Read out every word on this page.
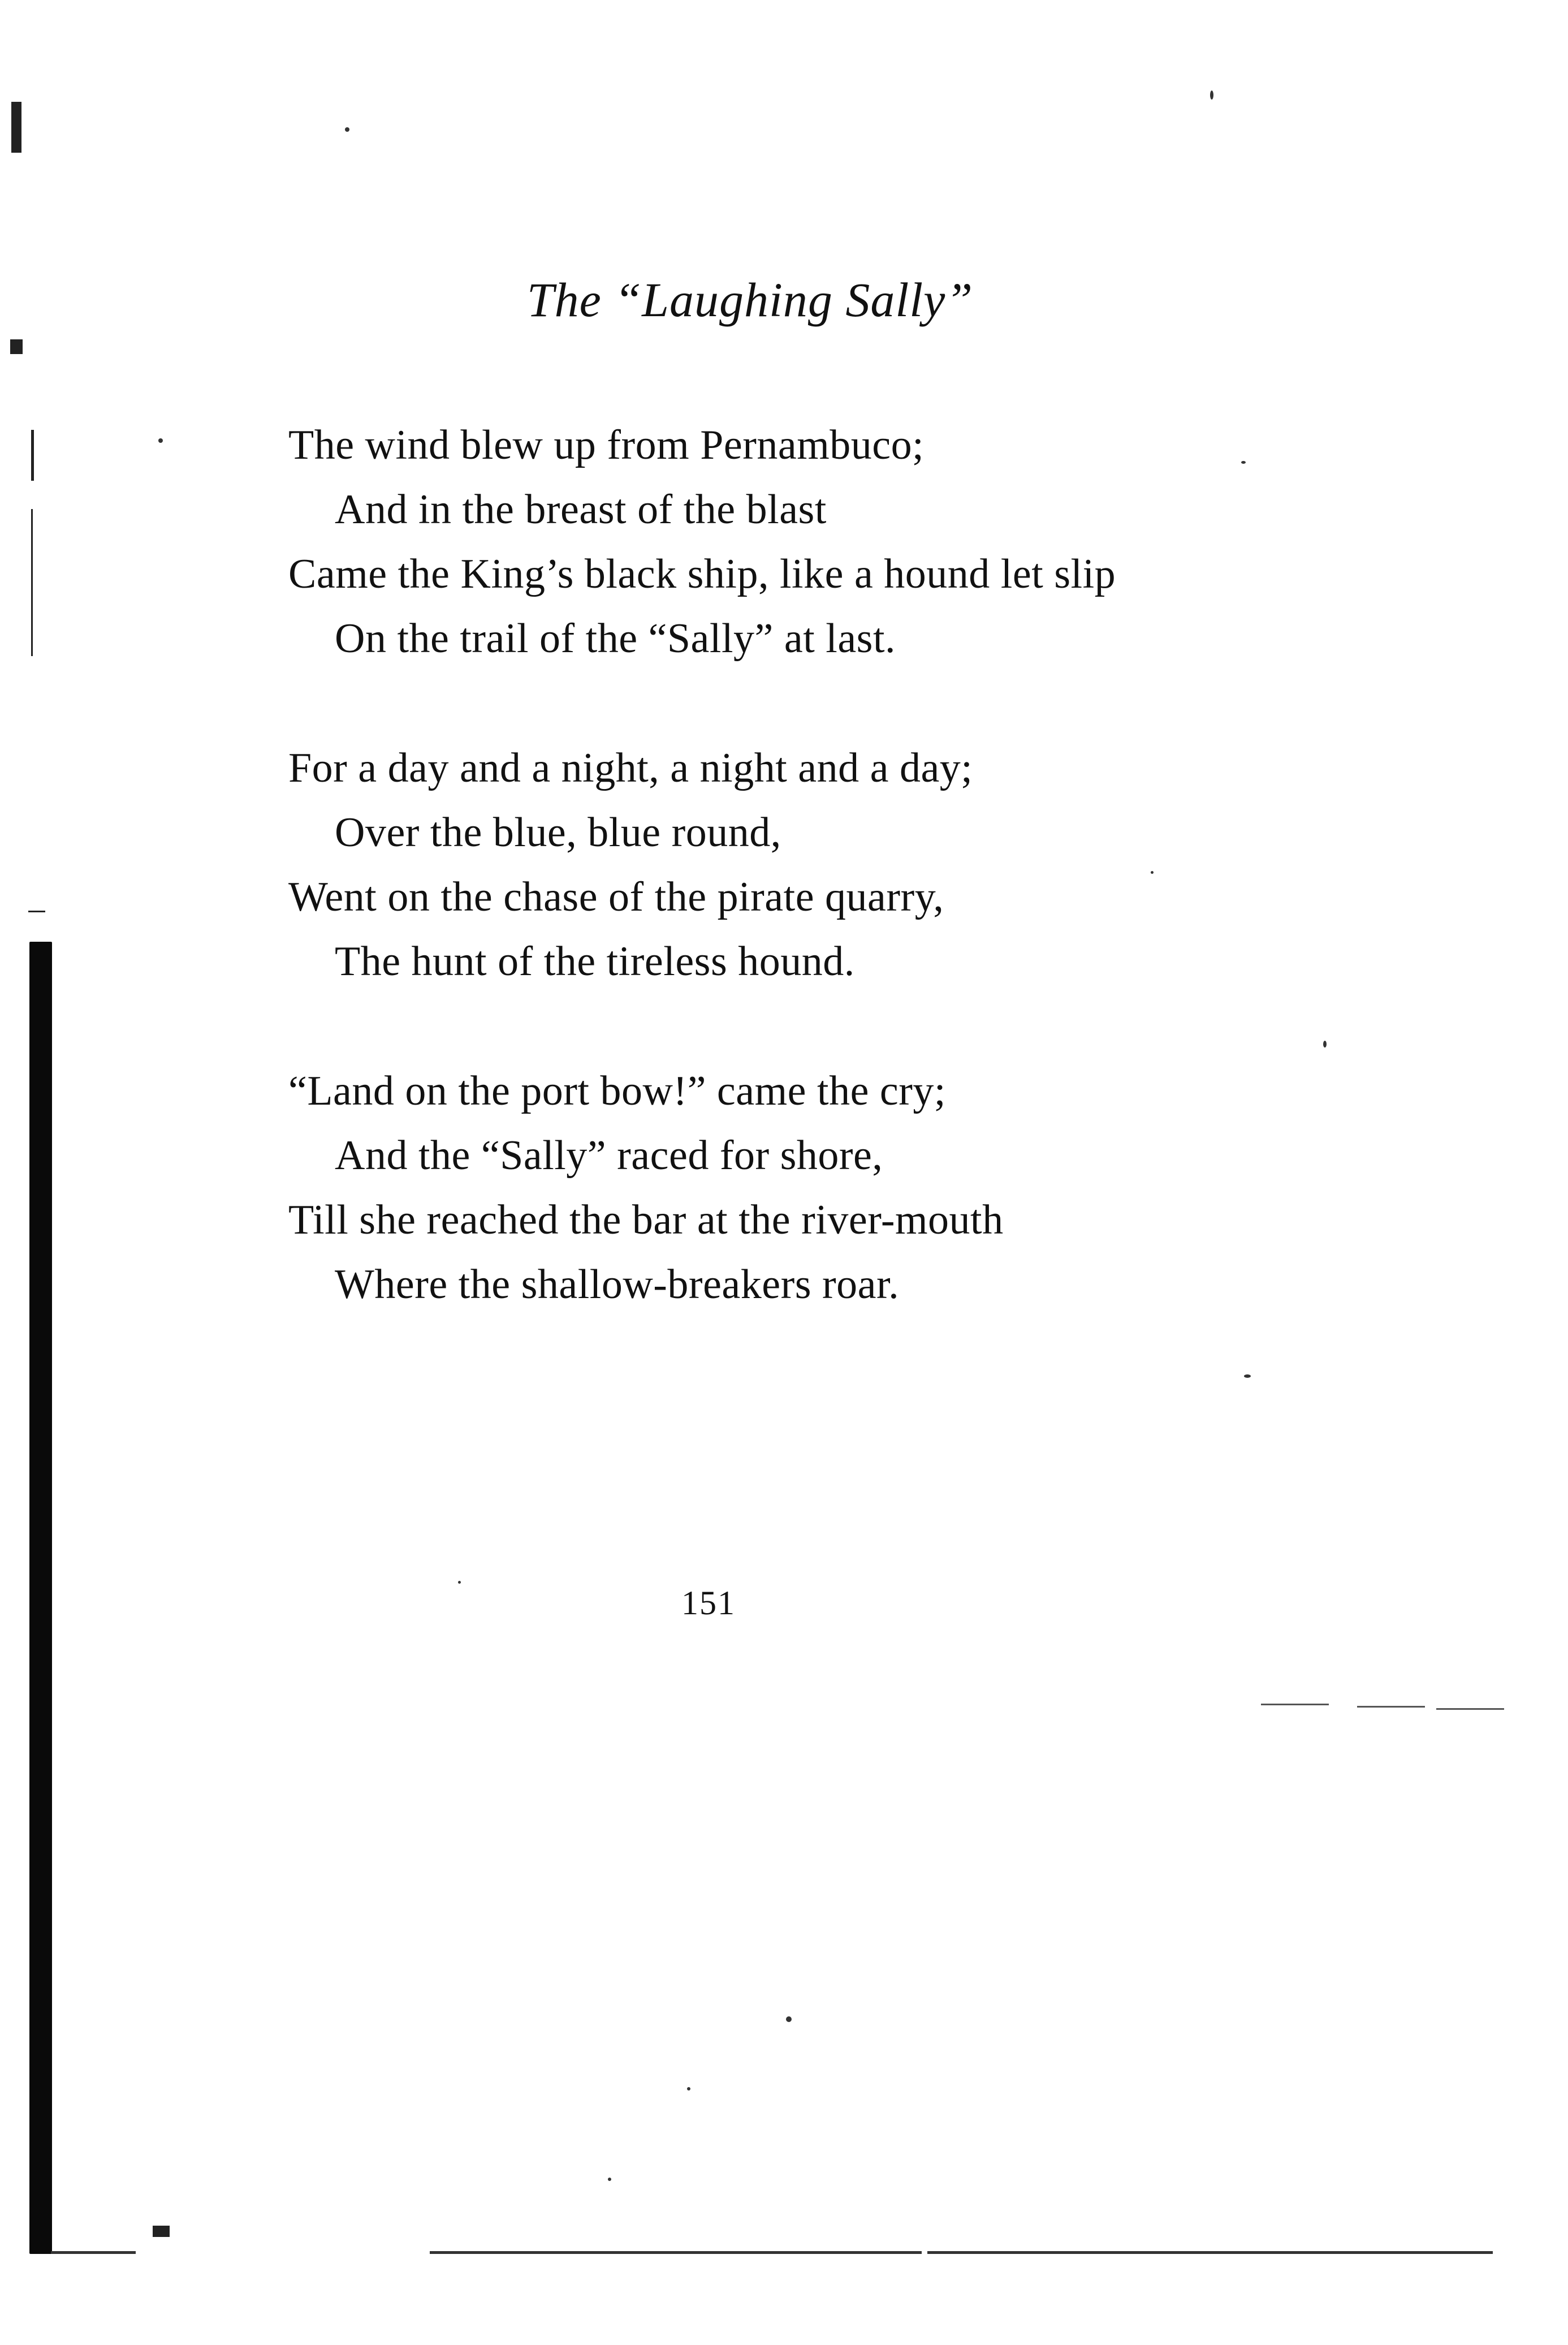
The “Laughing Sally”
The wind blew up from Pernambuco;
And in the breast of the blast
Came the King’s black ship, like a hound let slip
On the trail of the “Sally” at last.
For a day and a night, a night and a day;
Over the blue, blue round,
Went on the chase of the pirate quarry,
The hunt of the tireless hound.
“Land on the port bow!” came the cry;
And the “Sally” raced for shore,
Till she reached the bar at the river-mouth
Where the shallow-breakers roar.
151
